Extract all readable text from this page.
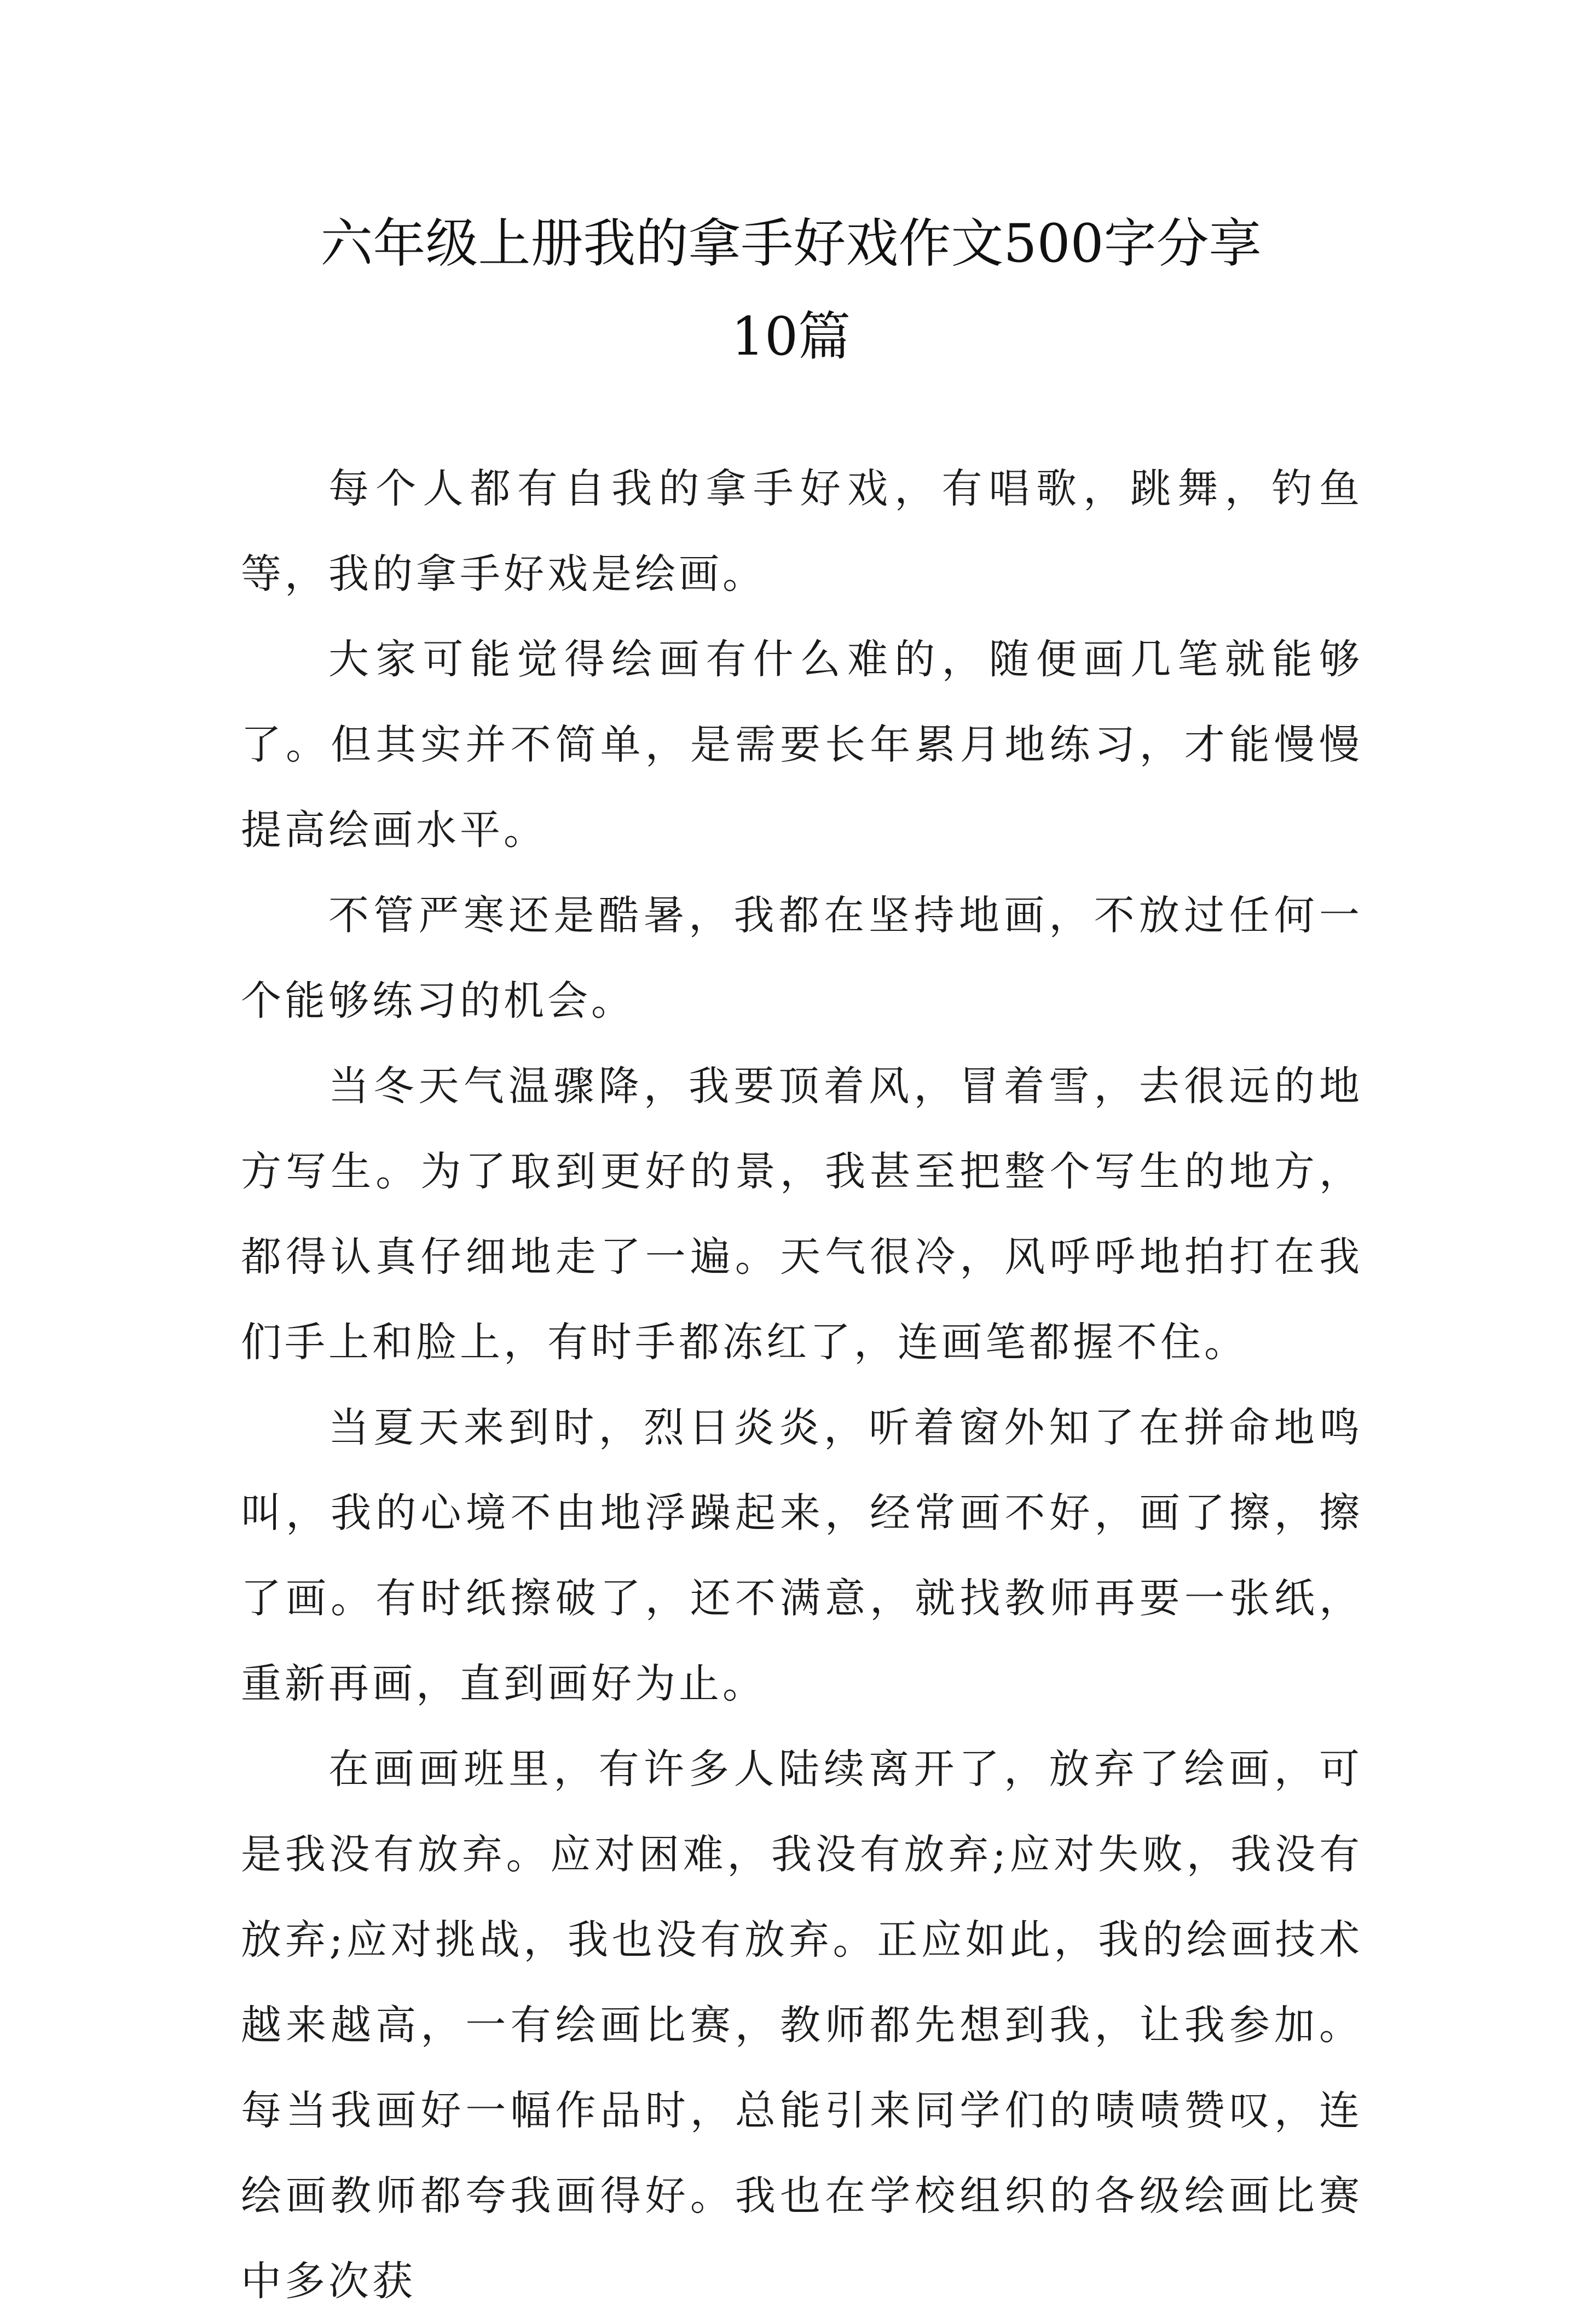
六年级上册我的拿手好戏作文500字分享
10篇

每个人都有自我的拿手好戏，有唱歌，跳舞，钓鱼等，我的拿手好戏是绘画。

大家可能觉得绘画有什么难的，随便画几笔就能够了。但其实并不简单，是需要长年累月地练习，才能慢慢提高绘画水平。

不管严寒还是酷暑，我都在坚持地画，不放过任何一个能够练习的机会。

当冬天气温骤降，我要顶着风，冒着雪，去很远的地方写生。为了取到更好的景，我甚至把整个写生的地方，都得认真仔细地走了一遍。天气很冷，风呼呼地拍打在我们手上和脸上，有时手都冻红了，连画笔都握不住。

当夏天来到时，烈日炎炎，听着窗外知了在拼命地鸣叫，我的心境不由地浮躁起来，经常画不好，画了擦，擦了画。有时纸擦破了，还不满意，就找教师再要一张纸，重新再画，直到画好为止。

在画画班里，有许多人陆续离开了，放弃了绘画，可是我没有放弃。应对困难，我没有放弃;应对失败，我没有放弃;应对挑战，我也没有放弃。正应如此，我的绘画技术越来越高，一有绘画比赛，教师都先想到我，让我参加。每当我画好一幅作品时，总能引来同学们的啧啧赞叹，连绘画教师都夸我画得好。我也在学校组织的各级绘画比赛中多次获
